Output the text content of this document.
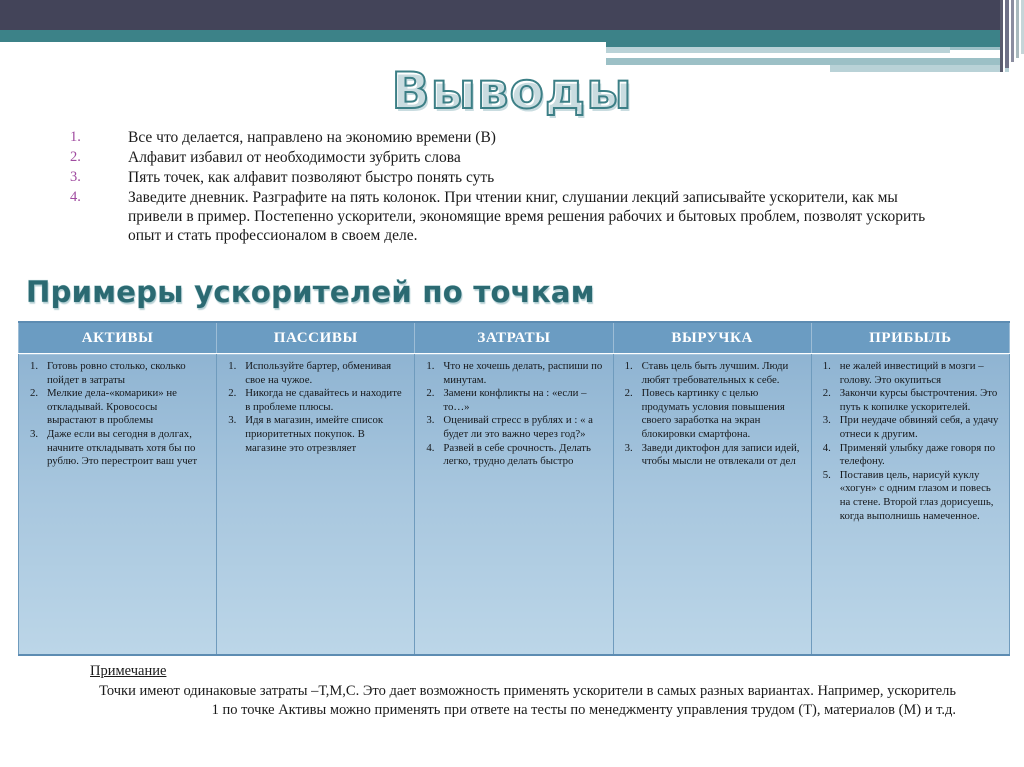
Выводы
1.	Все что делается, направлено на экономию времени (В)
2.	Алфавит избавил от необходимости зубрить слова
3.	Пять точек, как алфавит позволяют быстро понять суть
4.	Заведите дневник. Разграфите на пять колонок. При чтении книг, слушании лекций записывайте ускорители, как мы привели в пример. Постепенно ускорители, экономящие время решения рабочих и бытовых проблем, позволят ускорить опыт и стать профессионалом в своем деле.
Примеры ускорителей по точкам
АКТИВЫ	ПАССИВЫ	ЗАТРАТЫ	ВЫРУЧКА	ПРИБЫЛЬ

1. Готовь ровно столько, сколько пойдет в затраты
2. Мелкие дела-«комарики» не откладывай. Кровососы вырастают в проблемы
3. Даже если вы сегодня в долгах, начните откладывать хотя бы по рублю. Это перестроит ваш учет

1. Используйте бартер, обменивая свое на чужое.
2. Никогда не сдавайтесь и находите в проблеме плюсы.
3. Идя в магазин, имейте список приоритетных покупок. В магазине это отрезвляет

1. Что не хочешь делать, распиши по минутам.
2. Замени конфликты на : «если – то…»
3. Оценивай стресс в рублях и : « а будет ли это важно через год?»
4. Развей в себе срочность. Делать легко, трудно делать быстро

1. Ставь цель быть лучшим. Люди любят требовательных к себе.
2. Повесь картинку с целью продумать условия повышения своего заработка на экран блокировки смартфона.
3. Заведи диктофон для записи идей, чтобы мысли не отвлекали от дел

1. не жалей инвестиций в мозги – голову. Это окупиться
2. Закончи курсы быстрочтения. Это путь к копилке ускорителей.
3. При неудаче обвиняй себя, а удачу отнеси к другим.
4. Применяй улыбку даже говоря по телефону.
5. Поставив цель, нарисуй куклу «хогун» с одним глазом и повесь на стене. Второй глаз дорисуешь, когда выполнишь намеченное.
Примечание
Точки имеют одинаковые затраты –Т,М,С. Это дает возможность применять ускорители в самых разных вариантах. Например, ускоритель 1 по точке Активы можно применять при ответе на тесты по менеджменту управления трудом (Т), материалов (М) и т.д.
